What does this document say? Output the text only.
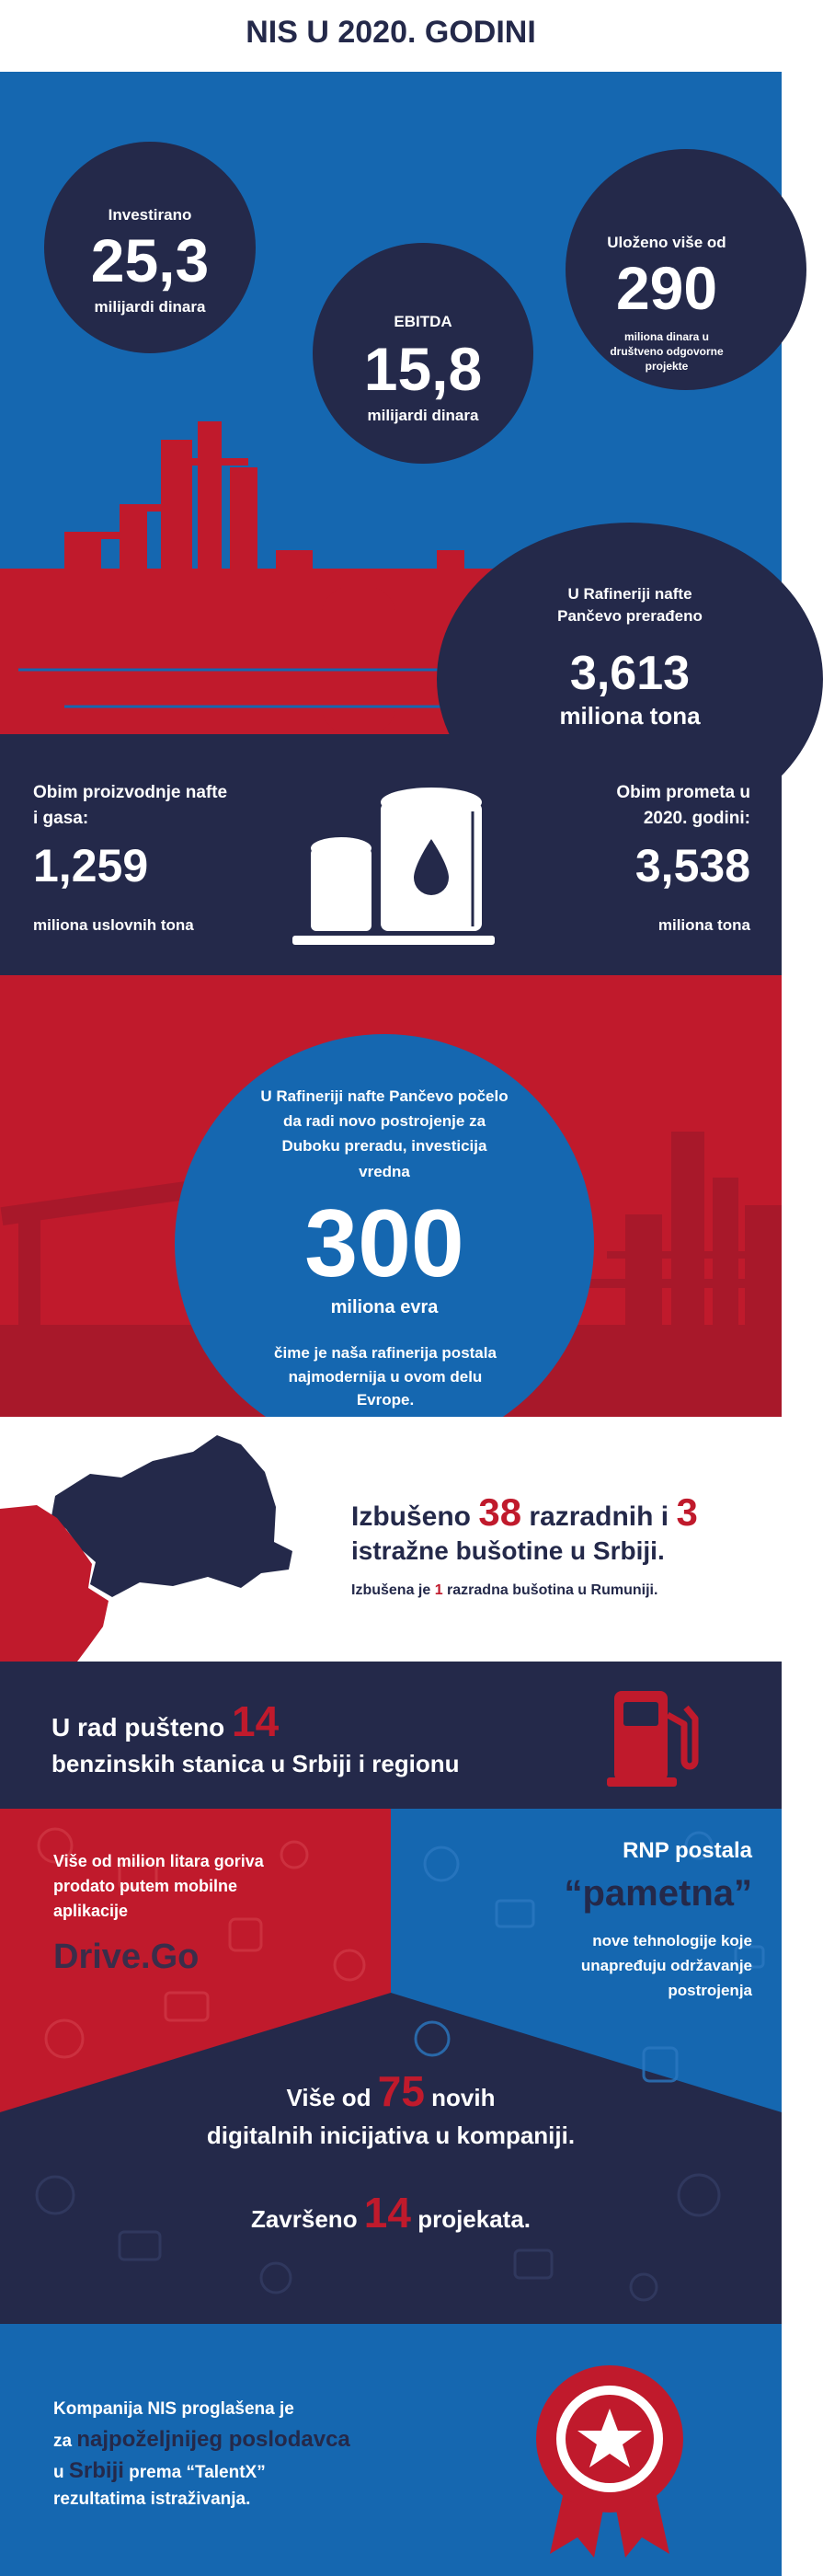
NIS U 2020. GODINI
Investirano
25,3
milijardi dinara
EBITDA
15,8
milijardi dinara
Uloženo više od
290
miliona dinara u društveno odgovorne projekte
U Rafineriji nafte Pančevo prerađeno
3,613
miliona tona
Obim proizvodnje nafte i gasa:
1,259
miliona uslovnih tona
Obim prometa u 2020. godini:
3,538
miliona tona
U Rafineriji nafte Pančevo počelo da radi novo postrojenje za Duboku preradu, investicija vredna
300
miliona evra
čime je naša rafinerija postala najmodernija u ovom delu Evrope.
Izbušeno 38 razradnih i 3
istražne bušotine u Srbiji.
Izbušena je 1 razradna bušotina u Rumuniji.
U rad pušteno 14
benzinskih stanica u Srbiji i regionu
Više od milion litara goriva prodato putem mobilne aplikacije
Drive.Go
RNP postala
“pametna”
nove tehnologije koje unapređuju održavanje postrojenja
Više od 75 novih
digitalnih inicijativa u kompaniji.
Završeno 14 projekata.
Kompanija NIS proglašena je
za najpoželjnijeg poslodavca
u Srbiji prema “TalentX”
rezultatima istraživanja.
